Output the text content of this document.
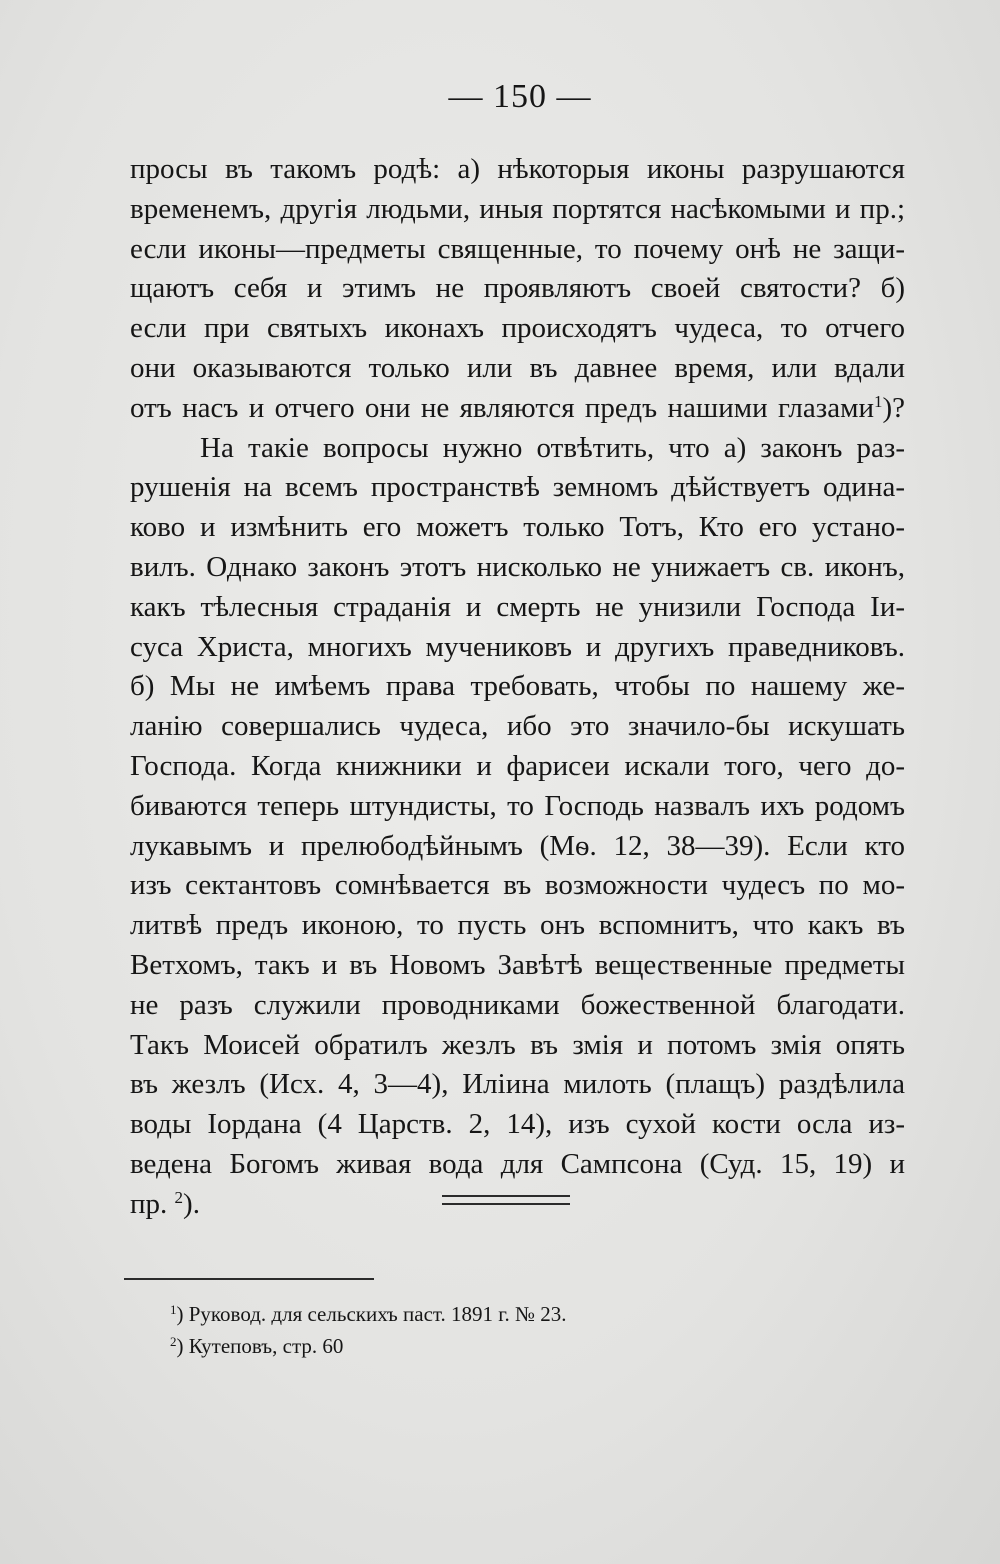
— 150 —
просы въ такомъ родѣ: а) нѣкоторыя иконы разрушаются
временемъ, другія людьми, иныя портятся насѣкомыми и пр.;
если иконы—предметы священные, то почему онѣ не защи-
щаютъ себя и этимъ не проявляютъ своей святости? б)
если при святыхъ иконахъ происходятъ чудеса, то отчего
они оказываются только или въ давнее время, или вдали
отъ насъ и отчего они не являются предъ нашими глазами$^1$)?
На такіе вопросы нужно отвѣтить, что а) законъ раз-
рушенія на всемъ пространствѣ земномъ дѣйствуетъ одина-
ково и измѣнить его можетъ только Тотъ, Кто его устано-
вилъ. Однако законъ этотъ нисколько не унижаетъ св. иконъ,
какъ тѣлесныя страданія и смерть не унизили Господа Іи-
суса Христа, многихъ мучениковъ и другихъ праведниковъ.
б) Мы не имѣемъ права требовать, чтобы по нашему же-
ланію совершались чудеса, ибо это значило-бы искушать
Господа. Когда книжники и фарисеи искали того, чего до-
биваются теперь штундисты, то Господь назвалъ ихъ родомъ
лукавымъ и прелюбодѣйнымъ (Мѳ. 12, 38—39). Если кто
изъ сектантовъ сомнѣвается въ возможности чудесъ по мо-
литвѣ предъ иконою, то пусть онъ вспомнитъ, что какъ въ
Ветхомъ, такъ и въ Новомъ Завѣтѣ вещественные предметы
не разъ служили проводниками божественной благодати.
Такъ Моисей обратилъ жезлъ въ змія и потомъ змія опять
въ жезлъ (Исх. 4, 3—4), Иліина милоть (плащъ) раздѣлила
воды Іордана (4 Царств. 2, 14), изъ сухой кости осла из-
ведена Богомъ живая вода для Сампсона (Суд. 15, 19) и
пр. $^2$).
$^1$) Руковод. для сельскихъ паст. 1891 г. № 23.
$^2$) Кутеповъ, стр. 60
